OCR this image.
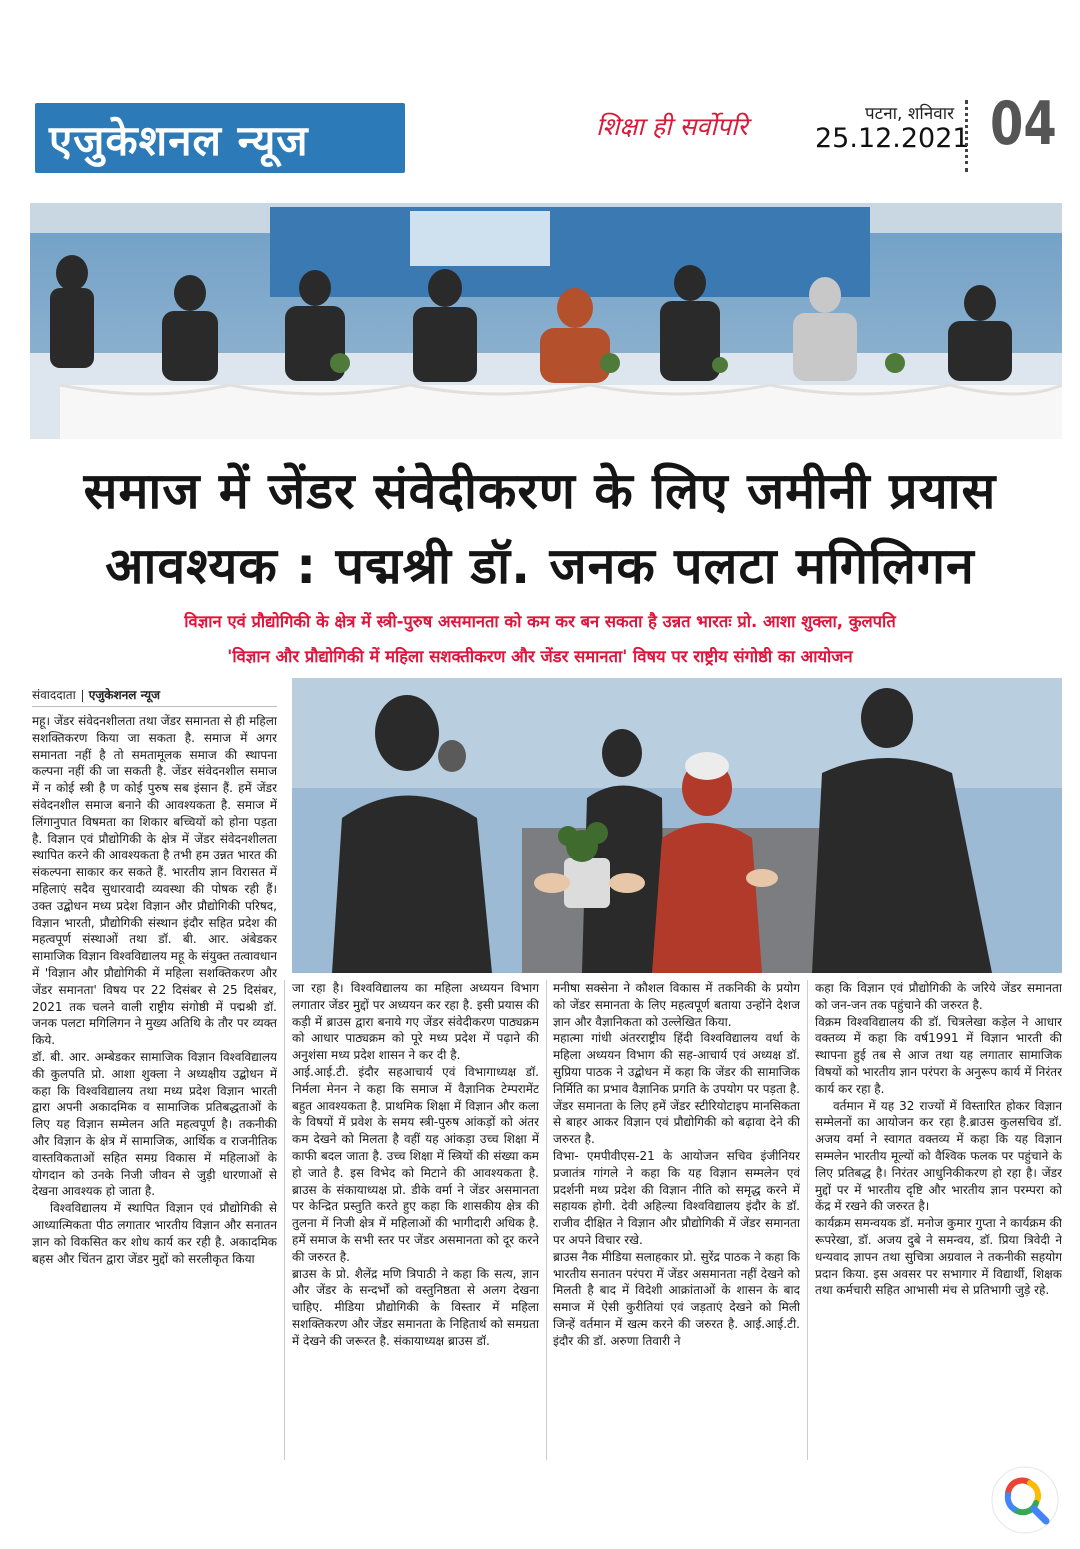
एजुकेशनल न्यूज	शिक्षा ही सर्वोपरि	पटना, शनिवार
25.12.2021 04
समाज में जेंडर संवेदीकरण के लिए जमीनी प्रयास
आवश्यक : पद्मश्री डॉ. जनक पलटा मगिलिगन
विज्ञान एवं प्रौद्योगिकी के क्षेत्र में स्त्री-पुरुष असमानता को कम कर बन सकता है उन्नत भारतः प्रो. आशा शुक्ला, कुलपति
'विज्ञान और प्रौद्योगिकी में महिला सशक्तीकरण और जेंडर समानता' विषय पर राष्ट्रीय संगोष्ठी का आयोजन
संवाददाता एजुकेशनल न्यूज

महू। जेंडर संवेदनशीलता तथा जेंडर समानता से ही महिला सशक्तिकरण किया जा सकता है. समाज में अगर समानता नहीं है तो समतामूलक समाज की स्थापना कल्पना नहीं की जा सकती है. जेंडर संवेदनशील समाज में न कोई स्त्री है ण कोई पुरुष सब इंसान हैं. हमें जेंडर संवेदनशील समाज बनाने की आवश्यकता है. समाज में लिंगानुपात विषमता का शिकार बच्चियों को होना पड़ता है. विज्ञान एवं प्रौद्योगिकी के क्षेत्र में जेंडर संवेदनशीलता स्थापित करने की आवश्यकता है तभी हम उन्नत भारत की संकल्पना साकार कर सकते हैं. भारतीय ज्ञान विरासत में महिलाएं सदैव सुधारवादी व्यवस्था की पोषक रही हैं। उक्त उद्बोधन मध्य प्रदेश विज्ञान और प्रौद्योगिकी परिषद, विज्ञान भारती, प्रौद्योगिकी संस्थान इंदौर सहित प्रदेश की महत्वपूर्ण संस्थाओं तथा डॉ. बी. आर. अंबेडकर सामाजिक विज्ञान विश्वविद्यालय महू के संयुक्त तत्वावधान में 'विज्ञान और प्रौद्योगिकी में महिला सशक्तिकरण और जेंडर समानता' विषय पर 22 दिसंबर से 25 दिसंबर, 2021 तक चलने वाली राष्ट्रीय संगोष्ठी में पद्मश्री डॉ. जनक पलटा मगिलिगन ने मुख्य अतिथि के तौर पर व्यक्त किये.

डॉ. बी. आर. अम्बेडकर सामाजिक विज्ञान विश्वविद्यालय की कुलपति प्रो. आशा शुक्ला ने अध्यक्षीय उद्बोधन में कहा कि विश्वविद्यालय तथा मध्य प्रदेश विज्ञान भारती द्वारा अपनी अकादमिक व सामाजिक प्रतिबद्धताओं के लिए यह विज्ञान सम्मेलन अति महत्वपूर्ण है। तकनीकी और विज्ञान के क्षेत्र में सामाजिक, आर्थिक व राजनीतिक वास्तविकताओं सहित समग्र विकास में महिलाओं के योगदान को उनके निजी जीवन से जुड़ी धारणाओं से देखना आवश्यक हो जाता है.

विश्वविद्यालय में स्थापित विज्ञान एवं प्रौद्योगिकी से आध्यात्मिकता पीठ लगातार भारतीय विज्ञान और सनातन ज्ञान को विकसित कर शोध कार्य कर रही है. अकादमिक बहस और चिंतन द्वारा जेंडर मुद्दों को सरलीकृत किया

जा रहा है। विश्वविद्यालय का महिला अध्ययन विभाग लगातार जेंडर मुद्दों पर अध्ययन कर रहा है. इसी प्रयास की कड़ी में ब्राउस द्वारा बनाये गए जेंडर संवेदीकरण पाठ्यक्रम को आधार पाठ्यक्रम को पूरे मध्य प्रदेश में पढ़ाने की अनुशंसा मध्य प्रदेश शासन ने कर दी है.

आई.आई.टी. इंदौर सहआचार्य एवं विभागाध्यक्ष डॉ. निर्मला मेनन ने कहा कि समाज में वैज्ञानिक टेम्परामेंट बहुत आवश्यकता है. प्राथमिक शिक्षा में विज्ञान और कला के विषयों में प्रवेश के समय स्त्री-पुरुष आंकड़ों को अंतर कम देखने को मिलता है वहीं यह आंकड़ा उच्च शिक्षा में काफी बदल जाता है. उच्च शिक्षा में स्त्रियों की संख्या कम हो जाते है. इस विभेद को मिटाने की आवश्यकता है. ब्राउस के संकायाध्यक्ष प्रो. डीके वर्मा ने जेंडर असमानता पर केन्द्रित प्रस्तुति करते हुए कहा कि शासकीय क्षेत्र की तुलना में निजी क्षेत्र में महिलाओं की भागीदारी अधिक है. हमें समाज के सभी स्तर पर जेंडर असमानता को दूर करने की जरुरत है.

ब्राउस के प्रो. शैलेंद्र मणि त्रिपाठी ने कहा कि सत्य, ज्ञान और जेंडर के सन्दर्भों को वस्तुनिष्ठता से अलग देखना चाहिए. मीडिया प्रौद्योगिकी के विस्तार में महिला सशक्तिकरण और जेंडर समानता के निहितार्थ को समग्रता में देखने की जरूरत है. संकायाध्यक्ष ब्राउस डॉ.

मनीषा सक्सेना ने कौशल विकास में तकनिकी के प्रयोग को जेंडर समानता के लिए महत्वपूर्ण बताया उन्होंने देशज ज्ञान और वैज्ञानिकता को उल्लेखित किया.

महात्मा गांधी अंतरराष्ट्रीय हिंदी विश्वविद्यालय वर्धा के महिला अध्ययन विभाग की सह-आचार्य एवं अध्यक्ष डॉ. सुप्रिया पाठक ने उद्बोधन में कहा कि जेंडर की सामाजिक निर्मिति का प्रभाव वैज्ञानिक प्रगति के उपयोग पर पड़ता है. जेंडर समानता के लिए हमें जेंडर स्टीरियोटाइप मानसिकता से बाहर आकर विज्ञान एवं प्रौद्योगिकी को बढ़ावा देने की जरुरत है.

विभा- एमपीवीएस-21 के आयोजन सचिव इंजीनियर प्रजातंत्र गांगले ने कहा कि यह विज्ञान सम्मलेन एवं प्रदर्शनी मध्य प्रदेश की विज्ञान नीति को समृद्ध करने में सहायक होगी. देवी अहिल्या विश्वविद्यालय इंदौर के डॉ. राजीव दीक्षित ने विज्ञान और प्रौद्योगिकी में जेंडर समानता पर अपने विचार रखे.

ब्राउस नैक मीडिया सलाहकार प्रो. सुरेंद्र पाठक ने कहा कि भारतीय सनातन परंपरा में जेंडर असमानता नहीं देखने को मिलती है बाद में विदेशी आक्रांताओं के शासन के बाद समाज में ऐसी कुरीतियां एवं जड़ताएं देखने को मिली जिन्हें वर्तमान में खत्म करने की जरुरत है. आई.आई.टी. इंदौर की डॉ. अरुणा तिवारी ने

कहा कि विज्ञान एवं प्रौद्योगिकी के जरिये जेंडर समानता को जन-जन तक पहुंचाने की जरुरत है.

विक्रम विश्वविद्यालय की डॉ. चित्रलेखा कड़ेल ने आधार वक्तव्य में कहा कि वर्ष1991 में विज्ञान भारती की स्थापना हुई तब से आज तथा यह लगातार सामाजिक विषयों को भारतीय ज्ञान परंपरा के अनुरूप कार्य में निरंतर कार्य कर रहा है.

वर्तमान में यह 32 राज्यों में विस्तारित होकर विज्ञान सम्मेलनों का आयोजन कर रहा है.ब्राउस कुलसचिव डॉ. अजय वर्मा ने स्वागत वक्तव्य में कहा कि यह विज्ञान सम्मलेन भारतीय मूल्यों को वैश्विक फलक पर पहुंचाने के लिए प्रतिबद्ध है। निरंतर आधुनिकीकरण हो रहा है। जेंडर मुद्दों पर में भारतीय दृष्टि और भारतीय ज्ञान परम्परा को केंद्र में रखने की जरुरत है।

कार्यक्रम समन्वयक डॉ. मनोज कुमार गुप्ता ने कार्यक्रम की रूपरेखा, डॉ. अजय दुबे ने समन्वय, डॉ. प्रिया त्रिवेदी ने धन्यवाद ज्ञापन तथा सुचित्रा अग्रवाल ने तकनीकी सहयोग प्रदान किया. इस अवसर पर सभागार में विद्यार्थी, शिक्षक तथा कर्मचारी सहित आभासी मंच से प्रतिभागी जुड़े रहे.
